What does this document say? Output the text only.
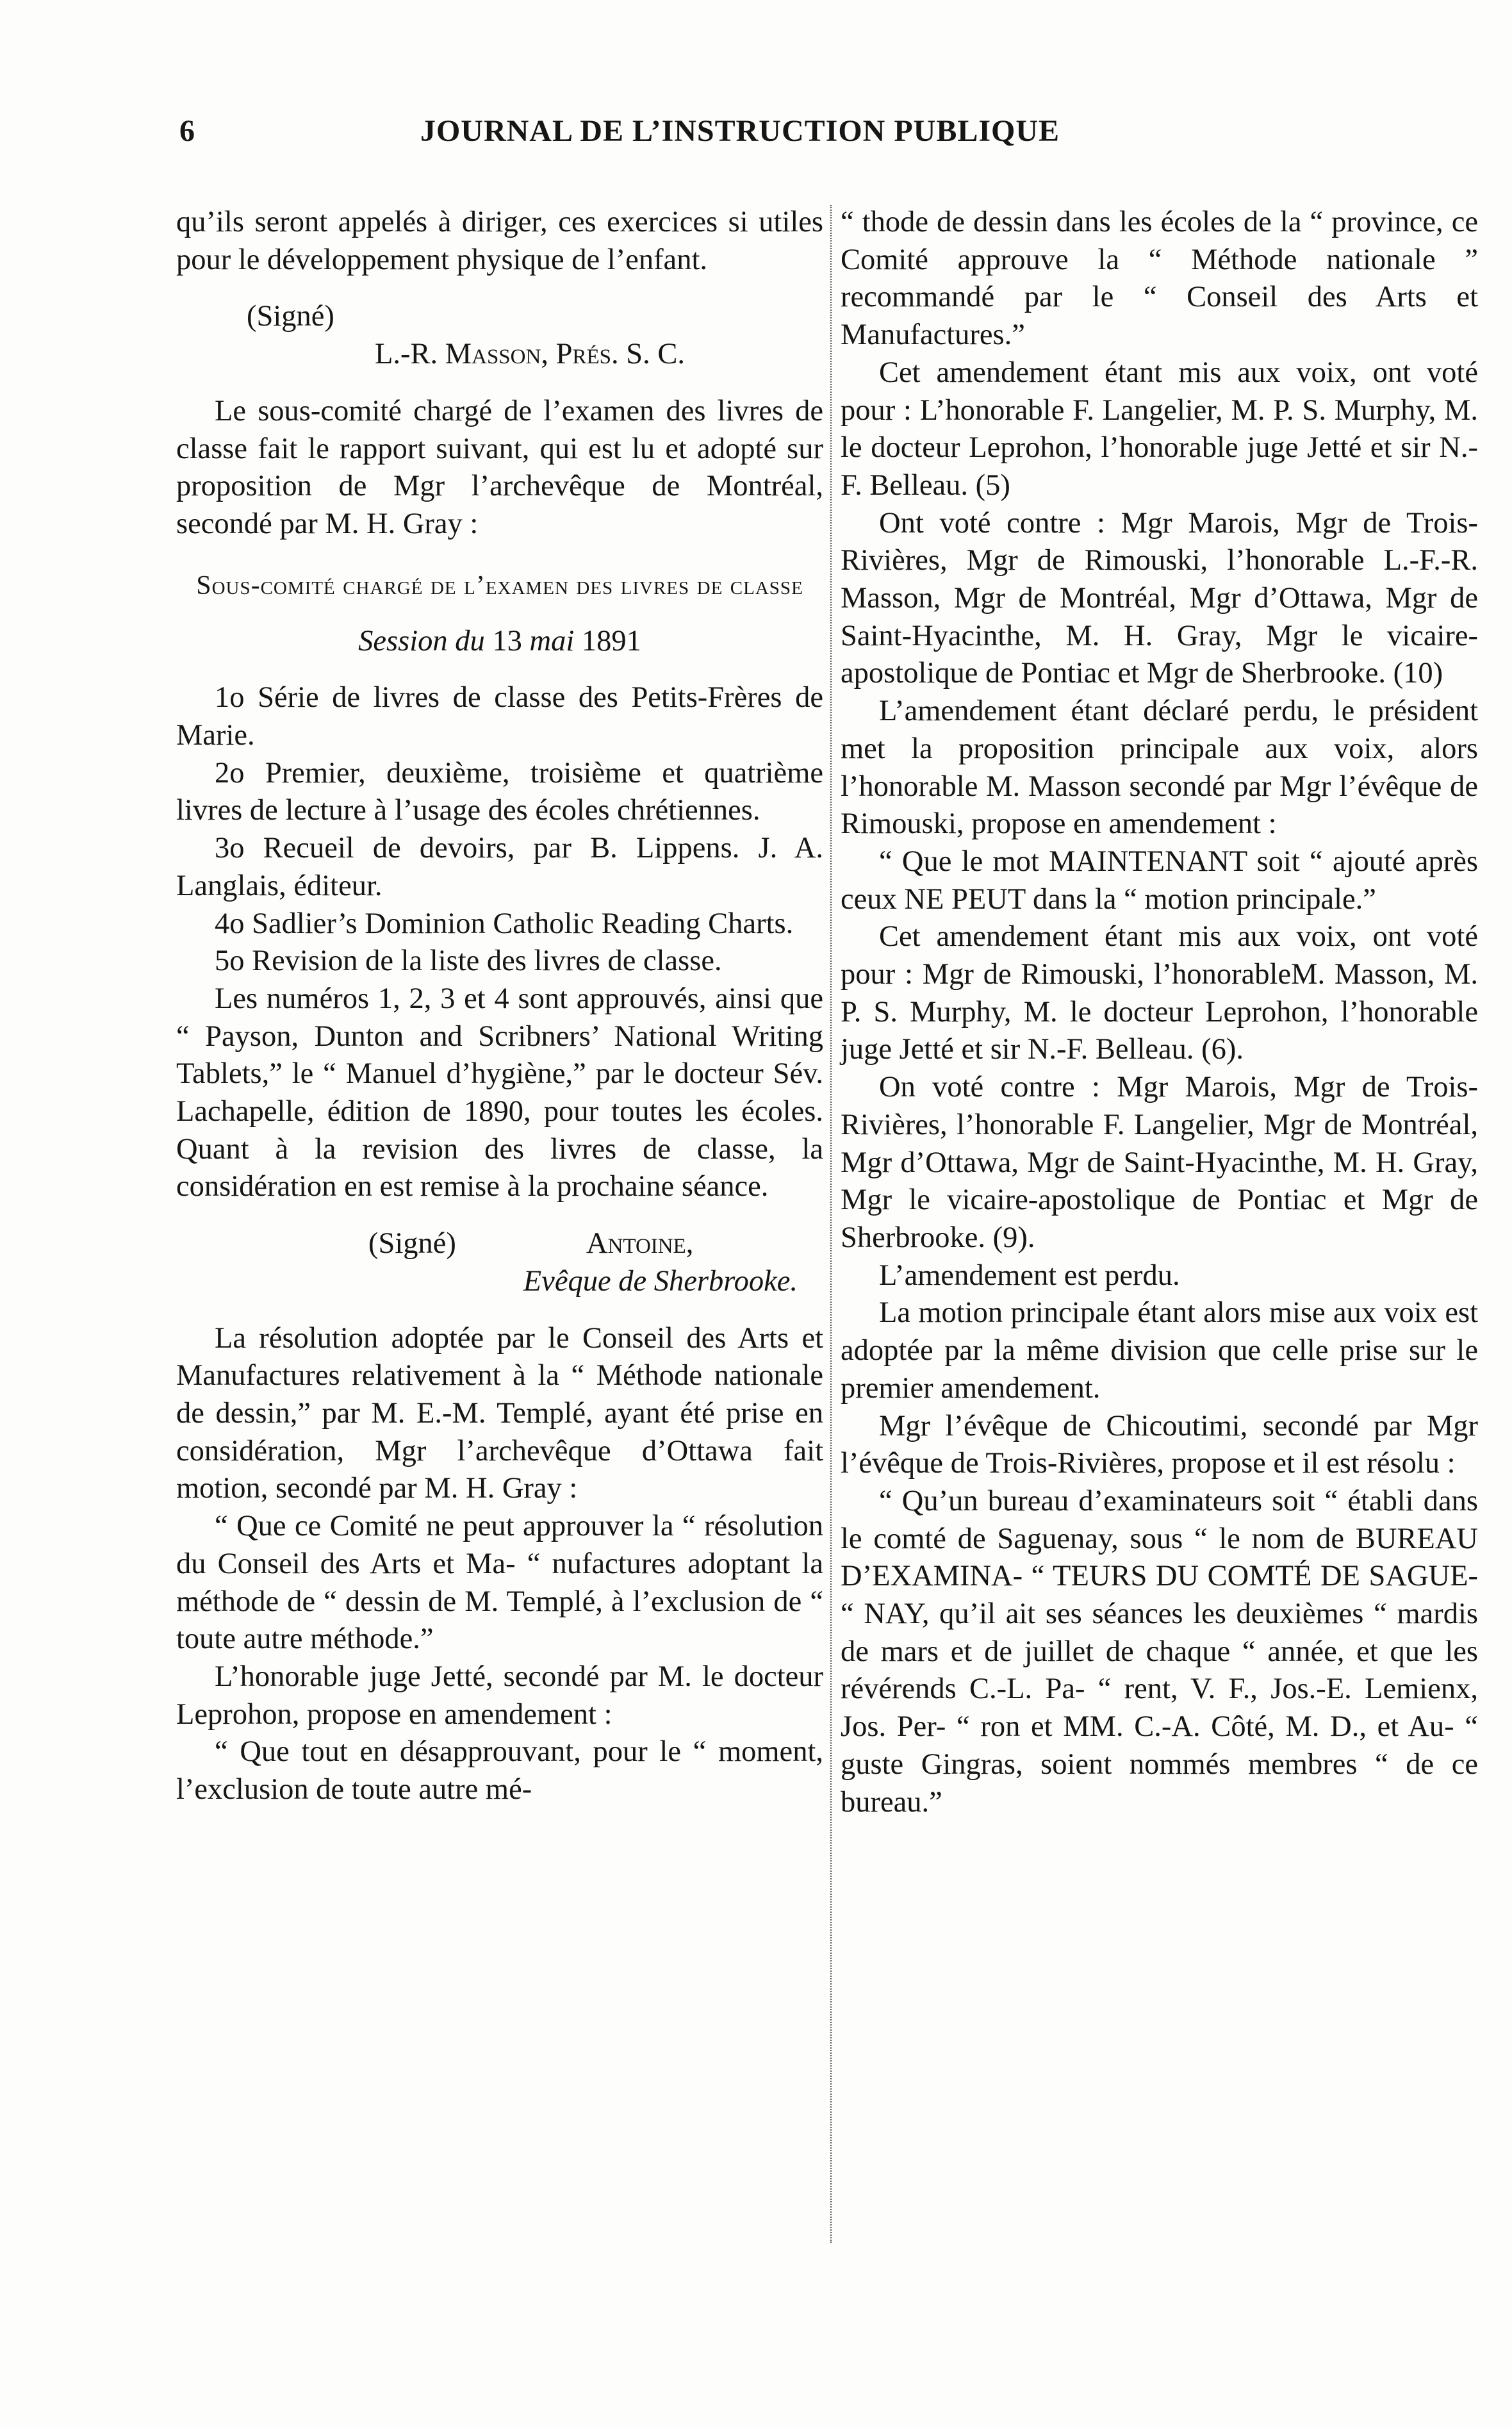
6	JOURNAL DE L’INSTRUCTION PUBLIQUE

qu’ils seront appelés à diriger, ces exercices si utiles pour le développement physique de l’enfant.

(Signé)

L.-R. Masson, Prés. S. C.

Le sous-comité chargé de l’examen des livres de classe fait le rapport suivant, qui est lu et adopté sur proposition de Mgr l’archevêque de Montréal, secondé par M. H. Gray :

Sous-comité chargé de l’examen des livres de classe

Session du 13 mai 1891

1o Série de livres de classe des Petits-Frères de Marie.

2o Premier, deuxième, troisième et quatrième livres de lecture à l’usage des écoles chrétiennes.

3o Recueil de devoirs, par B. Lippens. J. A. Langlais, éditeur.

4o Sadlier’s Dominion Catholic Reading Charts.

5o Revision de la liste des livres de classe.

Les numéros 1, 2, 3 et 4 sont approuvés, ainsi que “ Payson, Dunton and Scribners’ National Writing Tablets,” le “ Manuel d’hygiène,” par le docteur Sév. Lachapelle, édition de 1890, pour toutes les écoles. Quant à la revision des livres de classe, la considération en est remise à la prochaine séance.

(Signé)	Antoine,

Evêque de Sherbrooke.

La résolution adoptée par le Conseil des Arts et Manufactures relativement à la “ Méthode nationale de dessin,” par M. E.-M. Templé, ayant été prise en considération, Mgr l’archevêque d’Ottawa fait motion, secondé par M. H. Gray :

“ Que ce Comité ne peut approuver la “ résolution du Conseil des Arts et Ma- “ nufactures adoptant la méthode de “ dessin de M. Templé, à l’exclusion de “ toute autre méthode.”

L’honorable juge Jetté, secondé par M. le docteur Leprohon, propose en amendement :

“ Que tout en désapprouvant, pour le “ moment, l’exclusion de toute autre mé-

“ thode de dessin dans les écoles de la “ province, ce Comité approuve la “ Méthode nationale ” recommandé par le “ Conseil des Arts et Manufactures.”

Cet amendement étant mis aux voix, ont voté pour : L’honorable F. Langelier, M. P. S. Murphy, M. le docteur Leprohon, l’honorable juge Jetté et sir N.-F. Belleau. (5)

Ont voté contre : Mgr Marois, Mgr de Trois-Rivières, Mgr de Rimouski, l’honorable L.-F.-R. Masson, Mgr de Montréal, Mgr d’Ottawa, Mgr de Saint-Hyacinthe, M. H. Gray, Mgr le vicaire-apostolique de Pontiac et Mgr de Sherbrooke. (10)

L’amendement étant déclaré perdu, le président met la proposition principale aux voix, alors l’honorable M. Masson secondé par Mgr l’évêque de Rimouski, propose en amendement :

“ Que le mot MAINTENANT soit “ ajouté après ceux NE PEUT dans la “ motion principale.”

Cet amendement étant mis aux voix, ont voté pour : Mgr de Rimouski, l’honorableM. Masson, M. P. S. Murphy, M. le docteur Leprohon, l’honorable juge Jetté et sir N.-F. Belleau. (6).

On voté contre : Mgr Marois, Mgr de Trois-Rivières, l’honorable F. Langelier, Mgr de Montréal, Mgr d’Ottawa, Mgr de Saint-Hyacinthe, M. H. Gray, Mgr le vicaire-apostolique de Pontiac et Mgr de Sherbrooke. (9).

L’amendement est perdu.

La motion principale étant alors mise aux voix est adoptée par la même division que celle prise sur le premier amendement.

Mgr l’évêque de Chicoutimi, secondé par Mgr l’évêque de Trois-Rivières, propose et il est résolu :

“ Qu’un bureau d’examinateurs soit “ établi dans le comté de Saguenay, sous “ le nom de BUREAU D’EXAMINA- “ TEURS DU COMTÉ DE SAGUE- “ NAY, qu’il ait ses séances les deuxièmes “ mardis de mars et de juillet de chaque “ année, et que les révérends C.-L. Pa- “ rent, V. F., Jos.-E. Lemienx, Jos. Per- “ ron et MM. C.-A. Côté, M. D., et Au- “ guste Gingras, soient nommés membres “ de ce bureau.”
